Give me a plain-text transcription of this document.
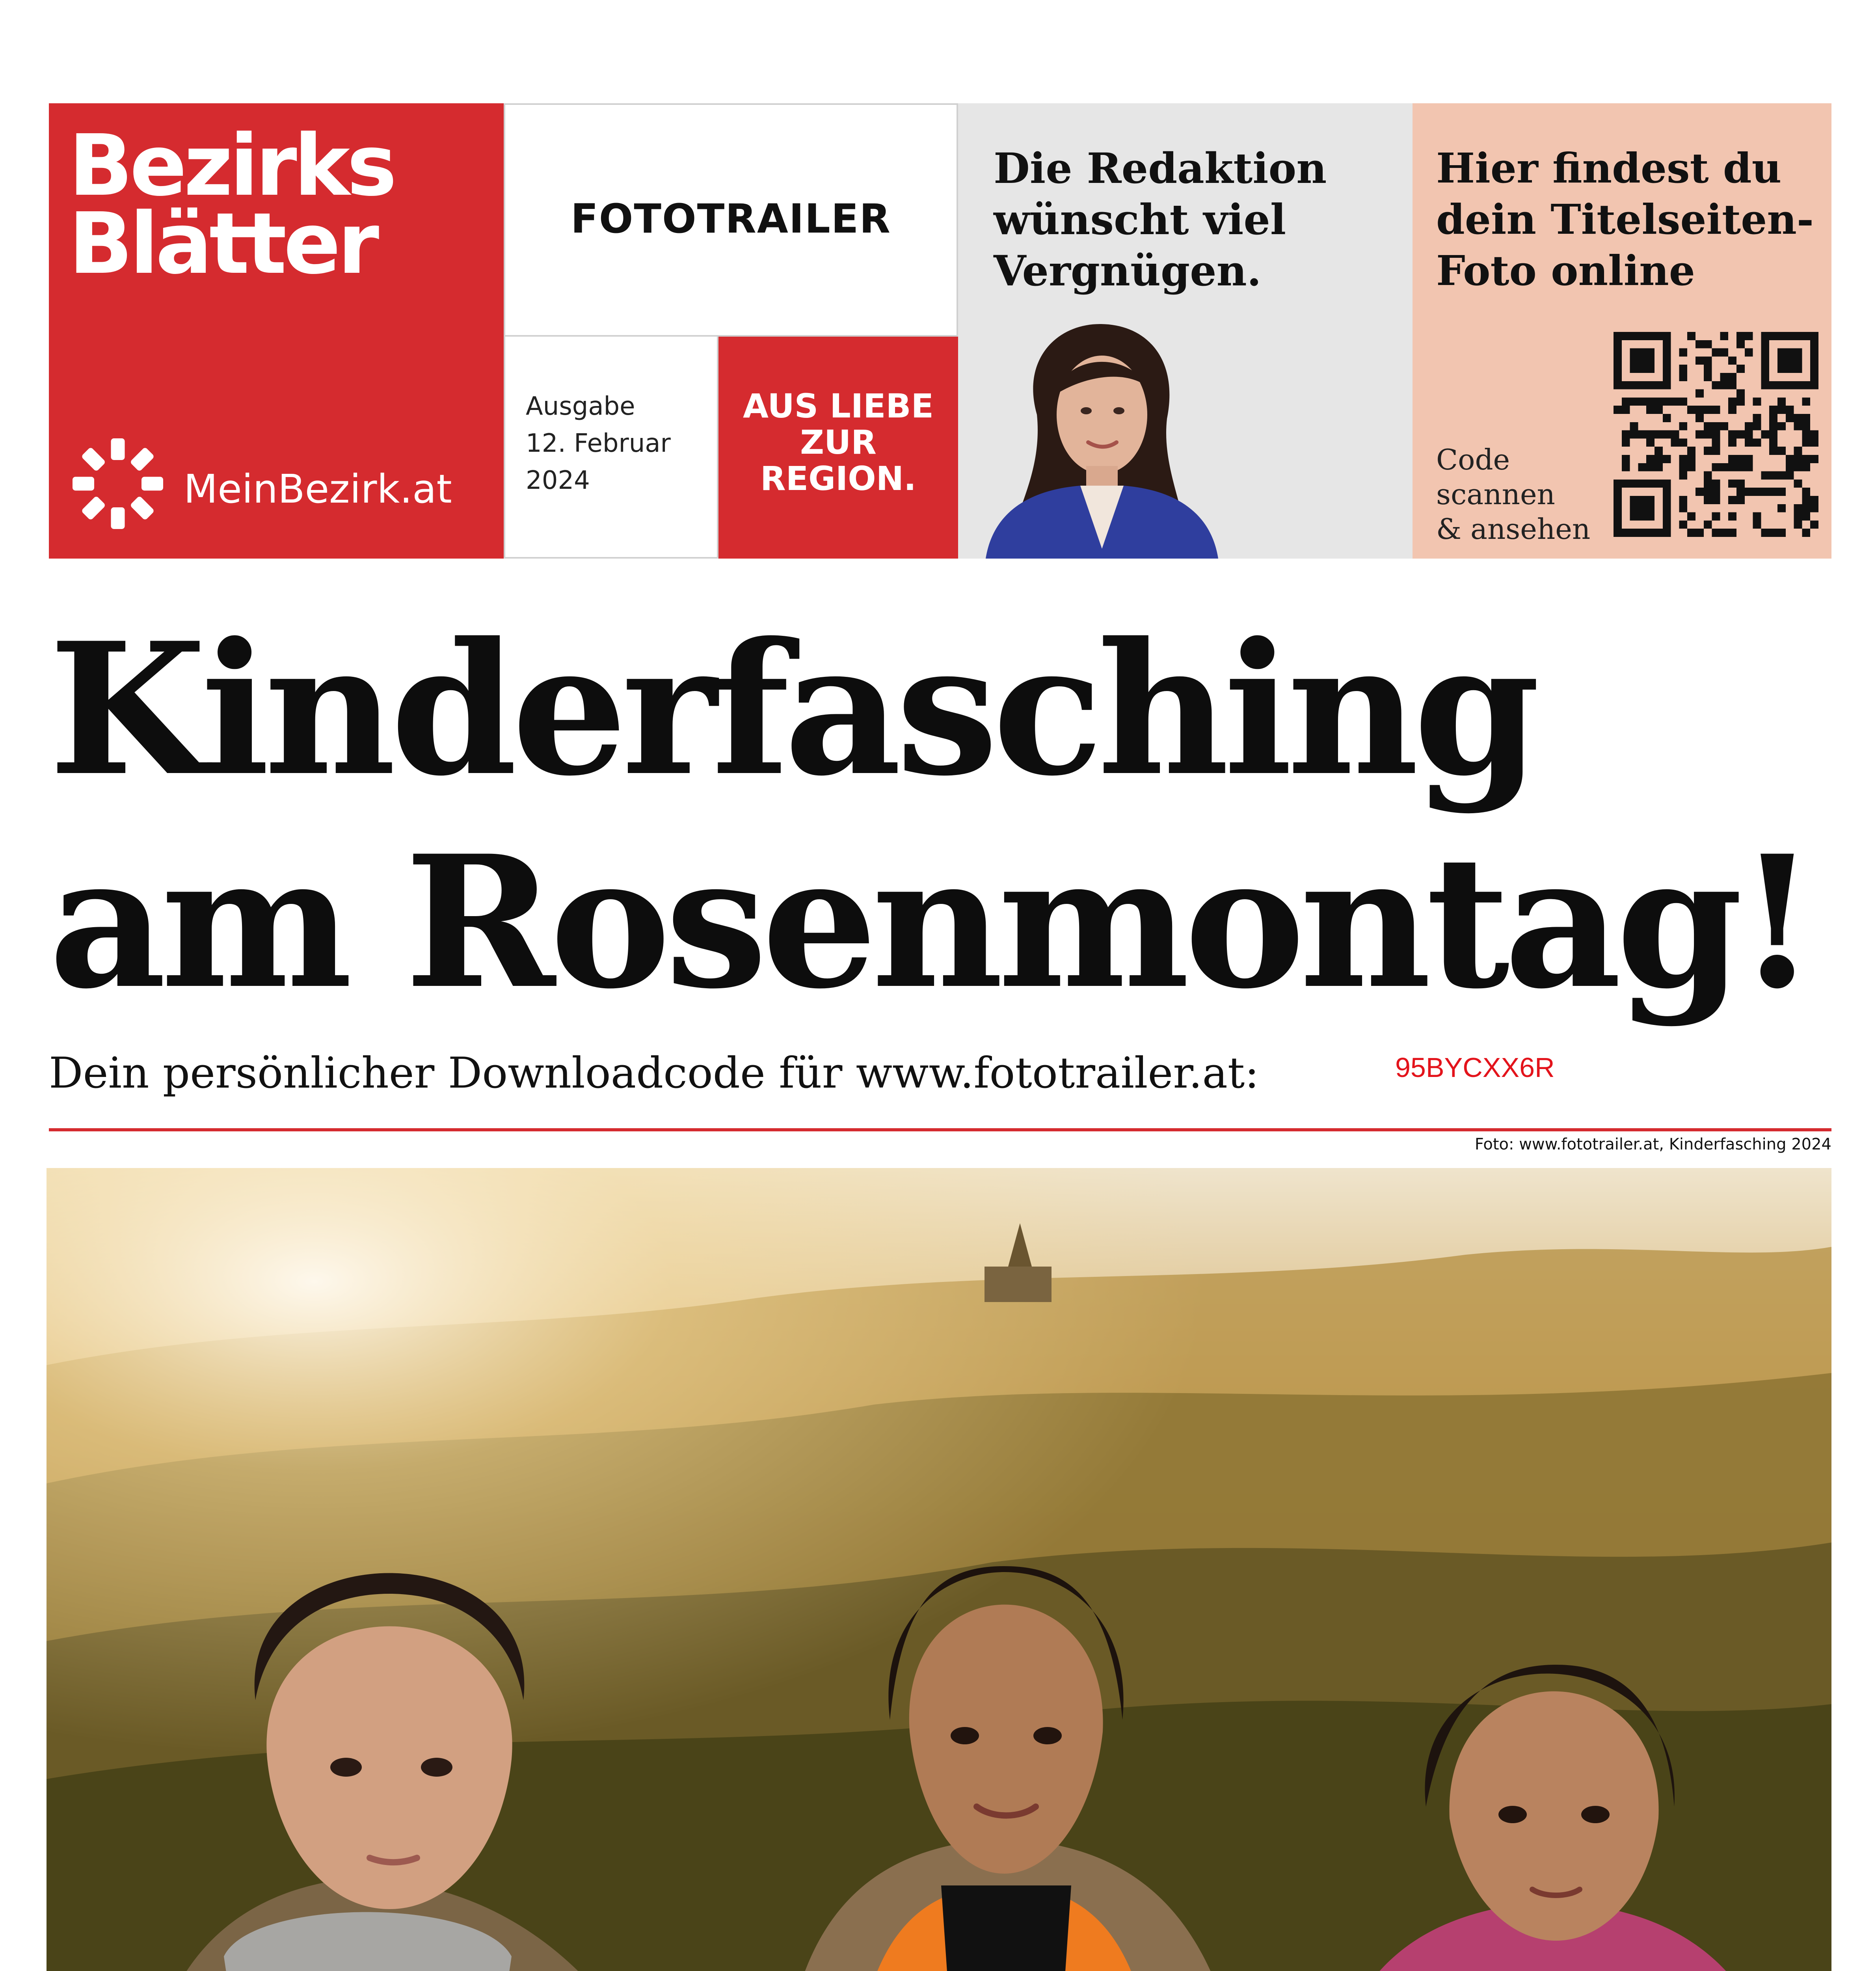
Bezirks
Blätter
MeinBezirk.at
FOTOTRAILER
Ausgabe
12. Februar
2024
AUS LIEBE
ZUR
REGION.
Die Redaktion
wünscht viel
Vergnügen.
Hier findest du
dein Titelseiten-
Foto online
Code
scannen
& ansehen
Kinderfasching
am Rosenmontag!
Dein persönlicher Downloadcode für www.fototrailer.at:	95BYCXX6R
Foto: www.fototrailer.at, Kinderfasching 2024
